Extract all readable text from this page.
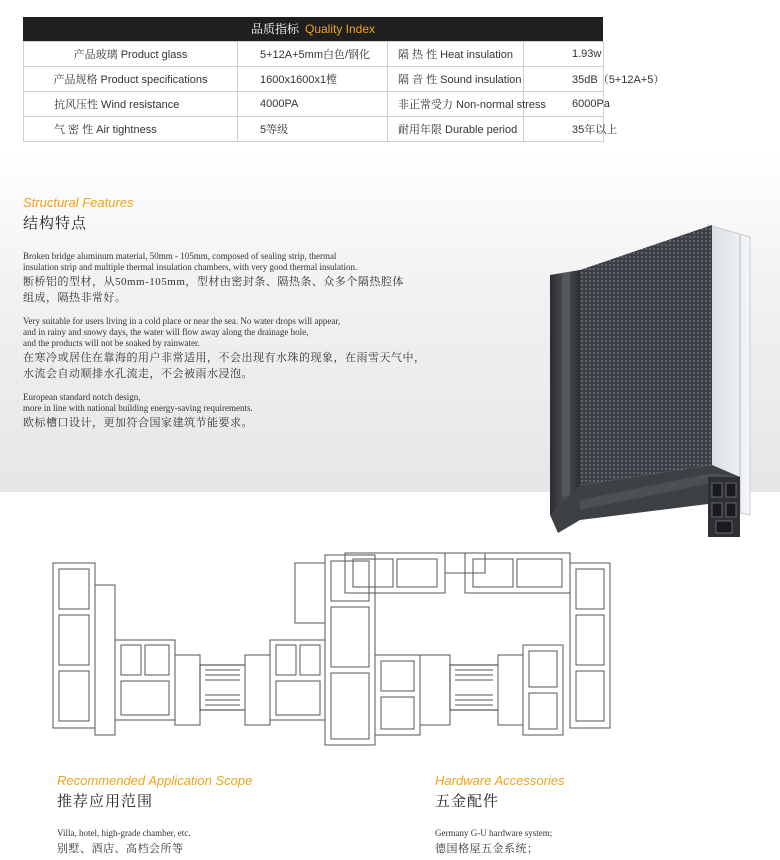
品质指标 Quality Index
产品玻璃 Product glass	5+12A+5mm白色/钢化	隔 热 性 Heat insulation	1.93w
产品规格 Product specifications	1600x1600x1樘	隔 音 性 Sound insulation	35dB（5+12A+5）
抗风压性 Wind resistance	4000PA	非正常受力 Non-normal stress	6000Pa
气 密 性 Air tightness	5等级	耐用年限 Durable period	35年以上
Structural Features
结构特点
Broken bridge aluminum material, 50mm - 105mm, composed of sealing strip, thermal
insulation strip and multiple thermal insulation chambers, with very good thermal insulation.
断桥铝的型材，从50mm-105mm，型材由密封条、隔热条、众多个隔热腔体
组成，隔热非常好。
Very suitable for users living in a cold place or near the sea. No water drops will appear,
and in rainy and snowy days, the water will flow away along the drainage hole,
and the products will not be soaked by rainwater.
在寒冷或居住在靠海的用户非常适用，不会出现有水珠的现象，在雨雪天气中，
水流会自动顺排水孔流走，不会被雨水浸泡。
European standard notch design,
more in line with national building energy-saving requirements.
欧标槽口设计，更加符合国家建筑节能要求。
Recommended Application Scope
推荐应用范围
Villa, hotel, high-grade chamber, etc.
别墅、酒店、高档会所等
Hardware Accessories
五金配件
Germany G-U hardware system;
德国格屋五金系统；
